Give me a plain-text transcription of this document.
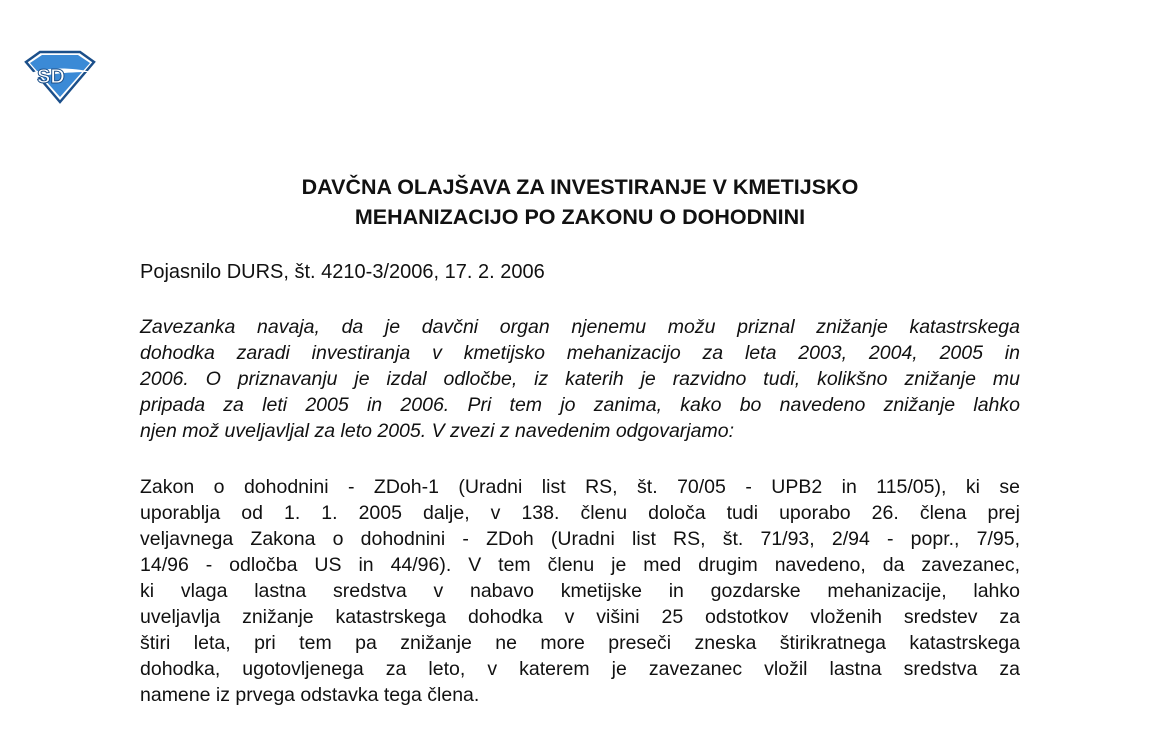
SD
DAVČNA OLAJŠAVA ZA INVESTIRANJE V KMETIJSKO
MEHANIZACIJO PO ZAKONU O DOHODNINI
Pojasnilo DURS, št. 4210-3/2006, 17. 2. 2006
Zavezanka navaja, da je davčni organ njenemu možu priznal znižanje katastrskega
dohodka zaradi investiranja v kmetijsko mehanizacijo za leta 2003, 2004, 2005 in
2006. O priznavanju je izdal odločbe, iz katerih je razvidno tudi, kolikšno znižanje mu
pripada za leti 2005 in 2006. Pri tem jo zanima, kako bo navedeno znižanje lahko
njen mož uveljavljal za leto 2005. V zvezi z navedenim odgovarjamo:
Zakon o dohodnini - ZDoh-1 (Uradni list RS, št. 70/05 - UPB2 in 115/05), ki se
uporablja od 1. 1. 2005 dalje, v 138. členu določa tudi uporabo 26. člena prej
veljavnega Zakona o dohodnini - ZDoh (Uradni list RS, št. 71/93, 2/94 - popr., 7/95,
14/96 - odločba US in 44/96). V tem členu je med drugim navedeno, da zavezanec,
ki vlaga lastna sredstva v nabavo kmetijske in gozdarske mehanizacije, lahko
uveljavlja znižanje katastrskega dohodka v višini 25 odstotkov vloženih sredstev za
štiri leta, pri tem pa znižanje ne more preseči zneska štirikratnega katastrskega
dohodka, ugotovljenega za leto, v katerem je zavezanec vložil lastna sredstva za
namene iz prvega odstavka tega člena.
